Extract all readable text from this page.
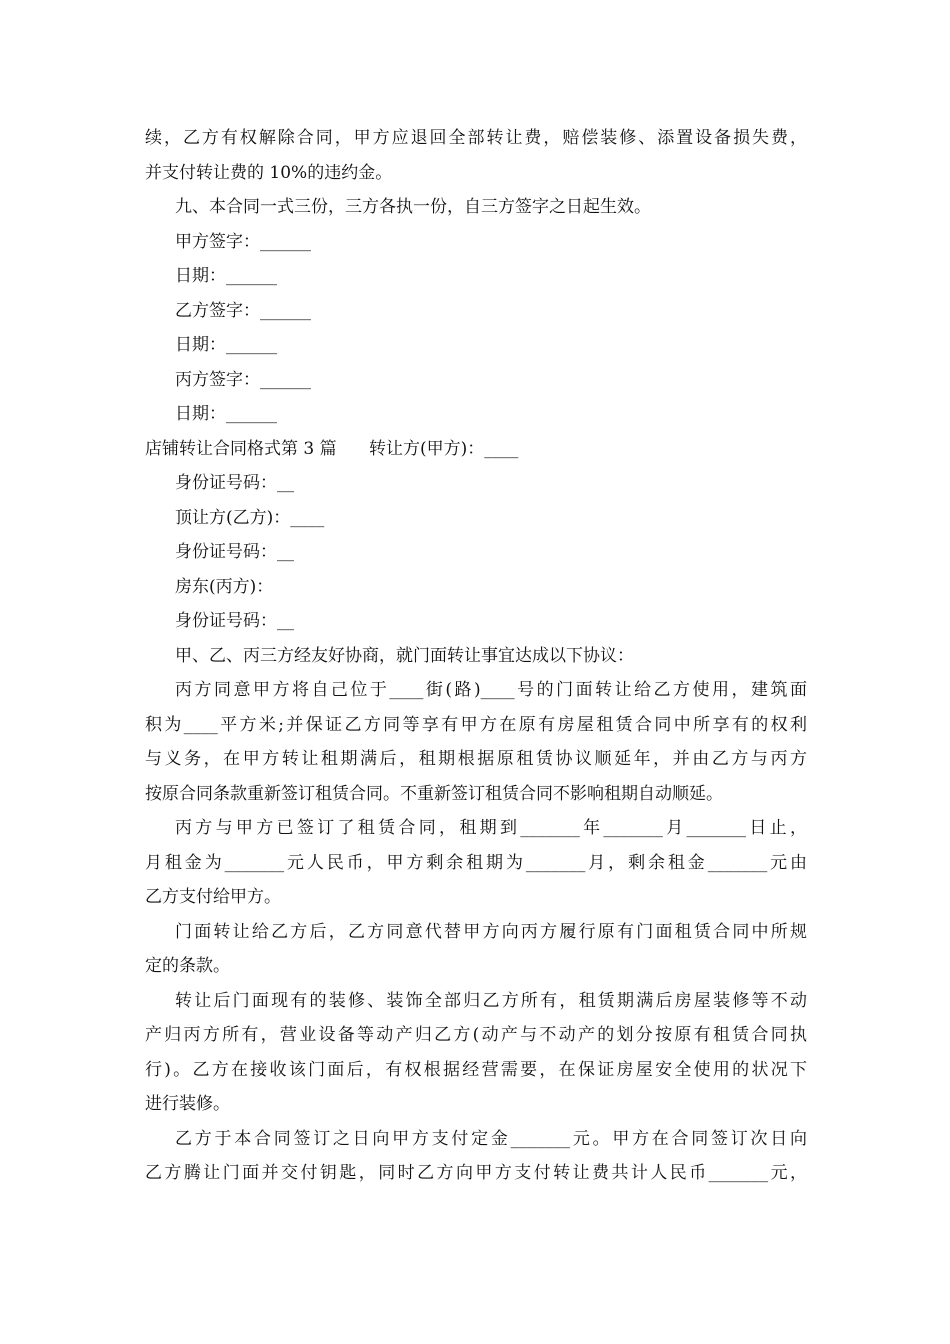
续，乙方有权解除合同，甲方应退回全部转让费，赔偿装修、添置设备损失费，
并支付转让费的 10%的违约金。
九、本合同一式三份，三方各执一份，自三方签字之日起生效。
甲方签字：______
日期：______
乙方签字：______
日期：______
丙方签字：______
日期：______
店铺转让合同格式第 3 篇      转让方(甲方)：____
身份证号码：__
顶让方(乙方)：____
身份证号码：__
房东(丙方)：
身份证号码：__
甲、乙、丙三方经友好协商，就门面转让事宜达成以下协议：
丙方同意甲方将自己位于____街(路)____号的门面转让给乙方使用，建筑面
积为____平方米;并保证乙方同等享有甲方在原有房屋租赁合同中所享有的权利
与义务，在甲方转让租期满后，租期根据原租赁协议顺延年，并由乙方与丙方
按原合同条款重新签订租赁合同。不重新签订租赁合同不影响租期自动顺延。
丙方与甲方已签订了租赁合同，租期到_______年_______月_______日止，
月租金为_______元人民币，甲方剩余租期为_______月，剩余租金_______元由
乙方支付给甲方。
门面转让给乙方后，乙方同意代替甲方向丙方履行原有门面租赁合同中所规
定的条款。
转让后门面现有的装修、装饰全部归乙方所有，租赁期满后房屋装修等不动
产归丙方所有，营业设备等动产归乙方(动产与不动产的划分按原有租赁合同执
行)。乙方在接收该门面后，有权根据经营需要，在保证房屋安全使用的状况下
进行装修。
乙方于本合同签订之日向甲方支付定金_______元。甲方在合同签订次日向
乙方腾让门面并交付钥匙，同时乙方向甲方支付转让费共计人民币_______元，
